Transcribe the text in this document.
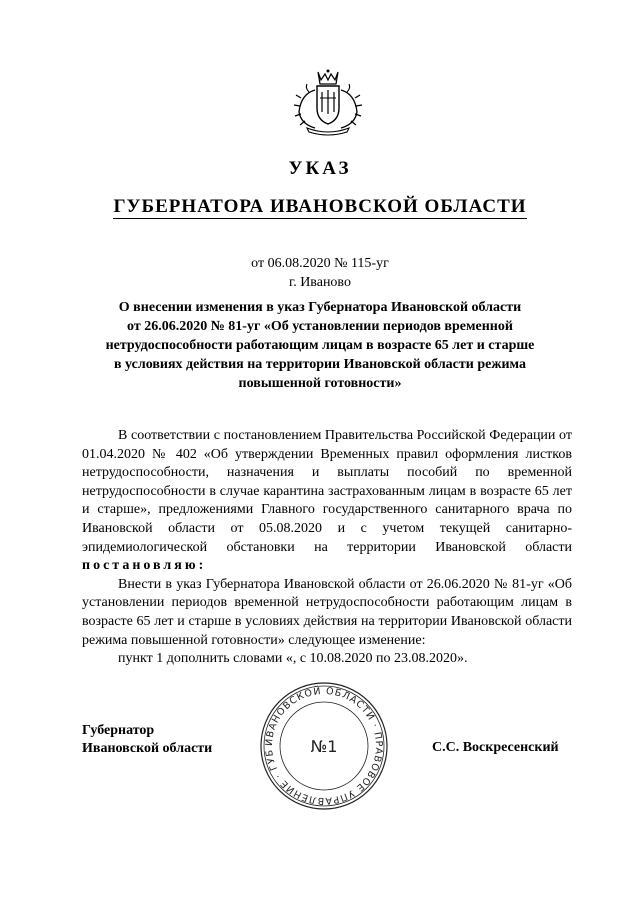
УКАЗ
ГУБЕРНАТОРА ИВАНОВСКОЙ ОБЛАСТИ
от 06.08.2020 № 115-уг
г. Иваново
О внесении изменения в указ Губернатора Ивановской области
от 26.06.2020 № 81-уг «Об установлении периодов временной
нетрудоспособности работающим лицам в возрасте 65 лет и старше
в условиях действия на территории Ивановской области режима
повышенной готовности»

В соответствии с постановлением Правительства Российской Федерации от 01.04.2020 № 402 «Об утверждении Временных правил оформления листков нетрудоспособности, назначения и выплаты пособий по временной нетрудоспособности в случае карантина застрахованным лицам в возрасте 65 лет и старше», предложениями Главного государственного санитарного врача по Ивановской области от 05.08.2020 и с учетом текущей санитарно-эпидемиологической обстановки на территории Ивановской области постановляю:

Внести в указ Губернатора Ивановской области от 26.06.2020 № 81-уг «Об установлении периодов временной нетрудоспособности работающим лицам в возрасте 65 лет и старше в условиях действия на территории Ивановской области режима повышенной готовности» следующее изменение:

пункт 1 дополнить словами «, с 10.08.2020 по 23.08.2020».

Губернатор
Ивановской области	ИВАНОВСКОЙ ОБЛАСТИ · ПРАВОВОЕ УПРАВЛЕНИЕ · ГУБ	№1	С.С. Воскресенский
